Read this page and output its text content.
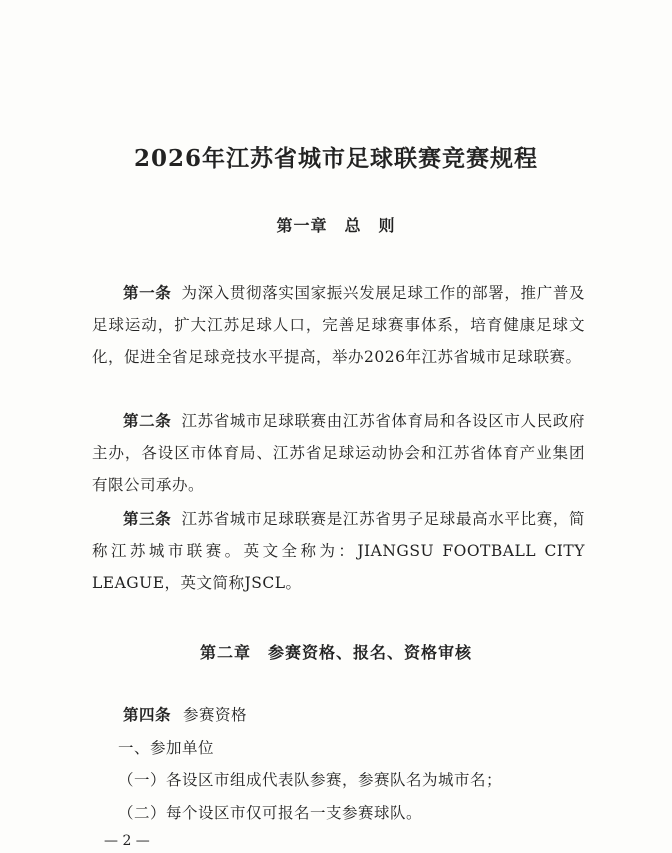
2026年江苏省城市足球联赛竞赛规程
第一章　总　则
第一条 为深入贯彻落实国家振兴发展足球工作的部署，推广普及足球运动，扩大江苏足球人口，完善足球赛事体系，培育健康足球文化，促进全省足球竞技水平提高，举办2026年江苏省城市足球联赛。
第二条 江苏省城市足球联赛由江苏省体育局和各设区市人民政府主办，各设区市体育局、江苏省足球运动协会和江苏省体育产业集团有限公司承办。
第三条 江苏省城市足球联赛是江苏省男子足球最高水平比赛，简称江苏城市联赛。英文全称为：JIANGSU FOOTBALL CITY LEAGUE，英文简称JSCL。
第二章　参赛资格、报名、资格审核
第四条 参赛资格
一、参加单位
（一）各设区市组成代表队参赛，参赛队名为城市名；
（二）每个设区市仅可报名一支参赛球队。
— 2 —
